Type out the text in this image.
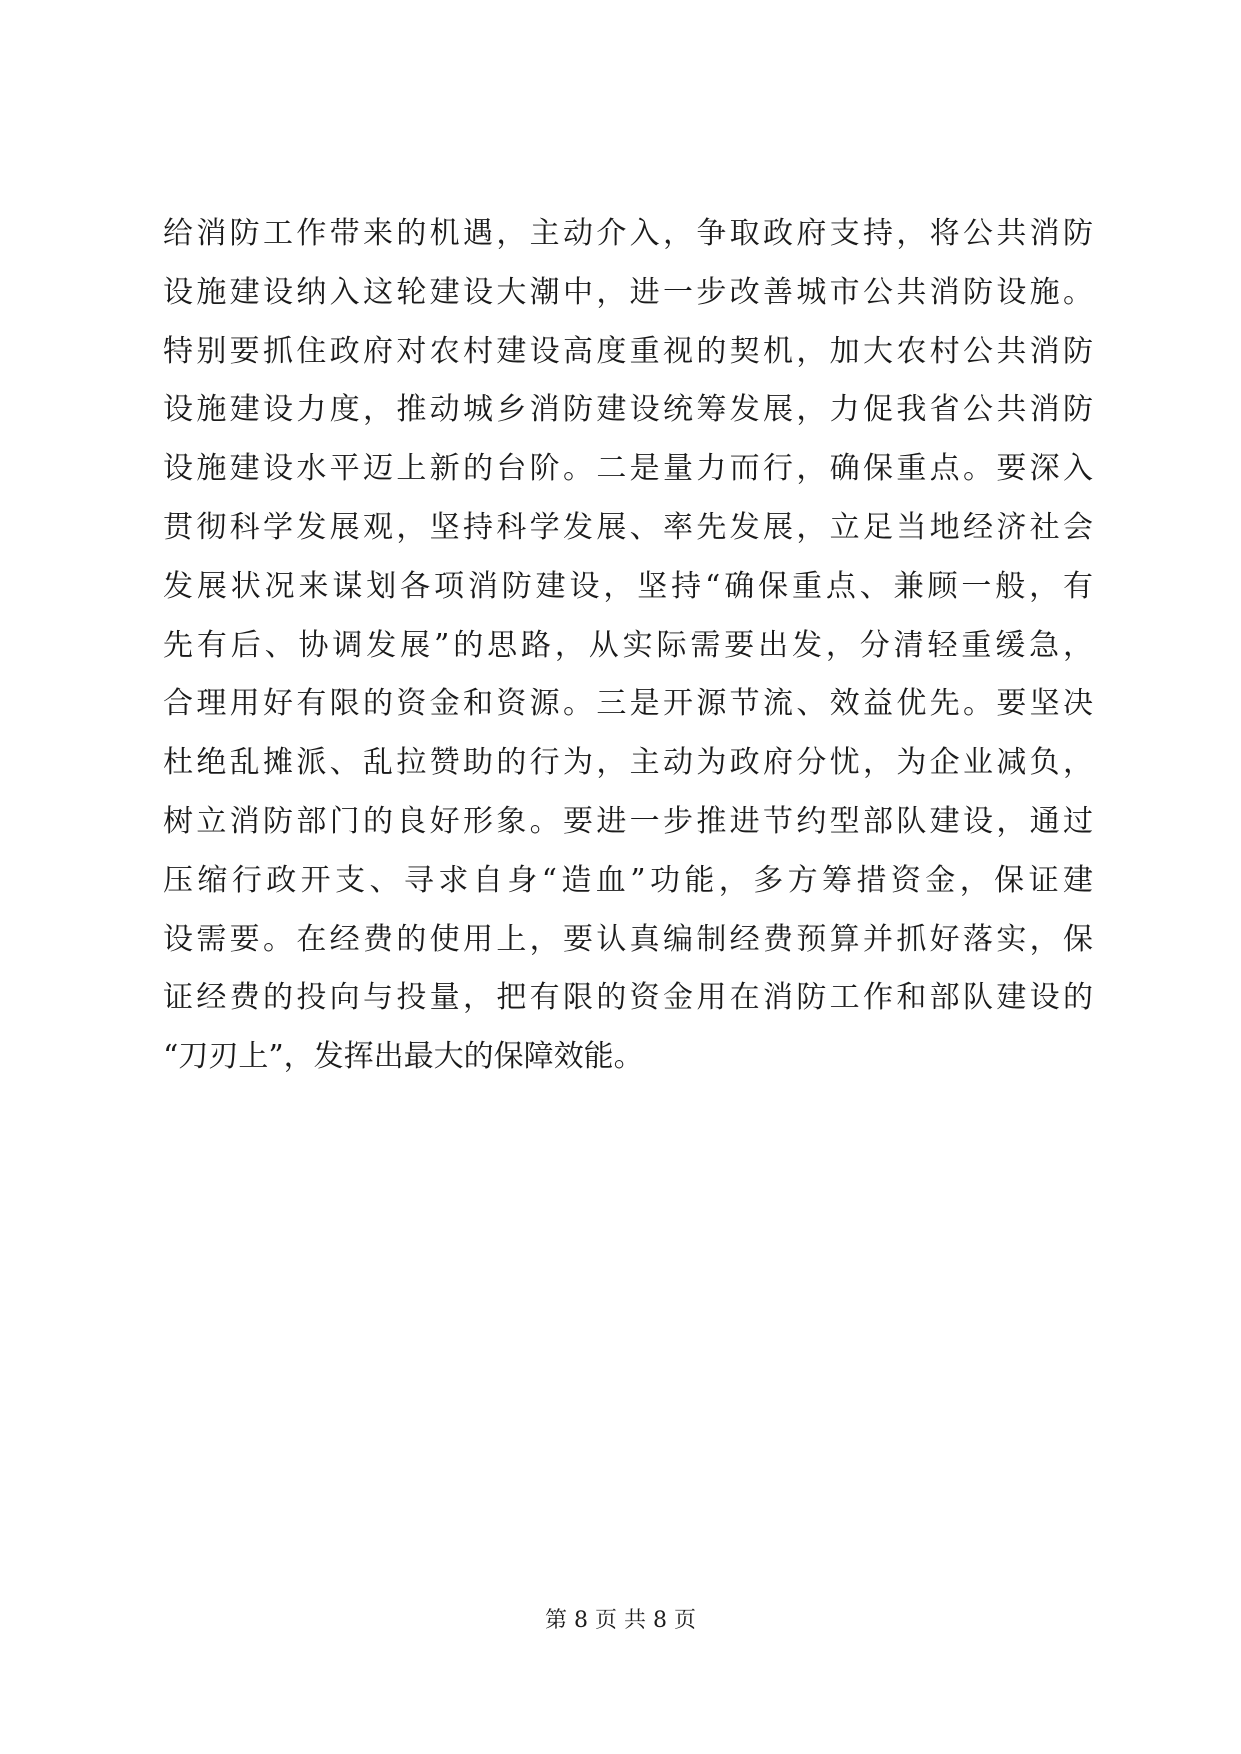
给消防工作带来的机遇，主动介入，争取政府支持，将公共消防
设施建设纳入这轮建设大潮中，进一步改善城市公共消防设施。
特别要抓住政府对农村建设高度重视的契机，加大农村公共消防
设施建设力度，推动城乡消防建设统筹发展，力促我省公共消防
设施建设水平迈上新的台阶。二是量力而行，确保重点。要深入
贯彻科学发展观，坚持科学发展、率先发展，立足当地经济社会
发展状况来谋划各项消防建设，坚持“确保重点、兼顾一般，有
先有后、协调发展”的思路，从实际需要出发，分清轻重缓急，
合理用好有限的资金和资源。三是开源节流、效益优先。要坚决
杜绝乱摊派、乱拉赞助的行为，主动为政府分忧，为企业减负，
树立消防部门的良好形象。要进一步推进节约型部队建设，通过
压缩行政开支、寻求自身“造血”功能，多方筹措资金，保证建
设需要。在经费的使用上，要认真编制经费预算并抓好落实，保
证经费的投向与投量，把有限的资金用在消防工作和部队建设的
“刀刃上”，发挥出最大的保障效能。
第 8 页 共 8 页
